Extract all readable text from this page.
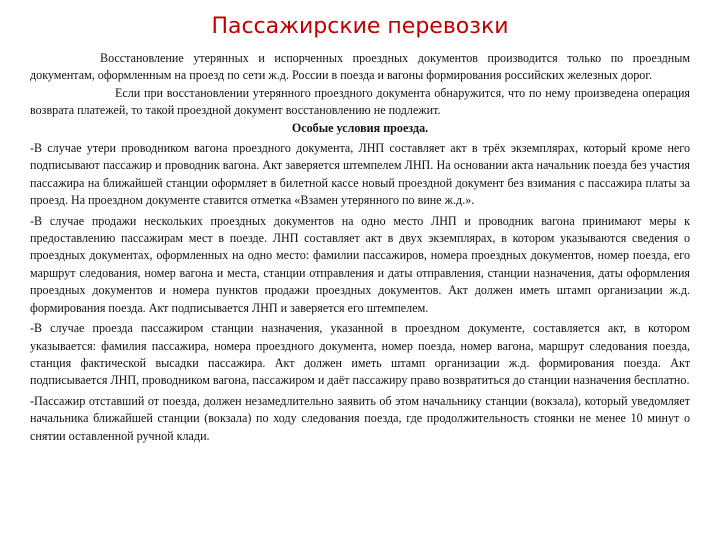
Пассажирские перевозки

Восстановление утерянных и испорченных проездных документов производится только по проездным документам, оформленным на проезд по сети ж.д. России в поезда и вагоны формирования российских железных дорог.

Если при восстановлении утерянного проездного документа обнаружится, что по нему произведена операция возврата платежей, то такой проездной документ восстановлению не подлежит.

Особые условия проезда.

-В случае утери проводником вагона проездного документа, ЛНП составляет акт в трёх экземплярах, который кроме него подписывают пассажир и проводник вагона. Акт заверяется штемпелем ЛНП. На основании акта начальник поезда без участия пассажира на ближайшей станции оформляет в билетной кассе новый проездной документ без взимания с пассажира платы за проезд. На проездном документе ставится отметка «Взамен утерянного по вине ж.д.».

-В случае продажи нескольких проездных документов на одно место ЛНП и проводник вагона принимают меры к предоставлению пассажирам мест в поезде. ЛНП составляет акт в двух экземплярах, в котором указываются сведения о проездных документах, оформленных на одно место: фамилии пассажиров, номера проездных документов, номер поезда, его маршрут следования, номер вагона и места, станции отправления и даты отправления, станции назначения, даты оформления проездных документов и номера пунктов продажи проездных документов. Акт должен иметь штамп организации ж.д. формирования поезда. Акт подписывается ЛНП и заверяется его штемпелем.

-В случае проезда пассажиром станции назначения, указанной в проездном документе, составляется акт, в котором указывается: фамилия пассажира, номера проездного документа, номер поезда, номер вагона, маршрут следования поезда, станция фактической высадки пассажира. Акт должен иметь штамп организации ж.д. формирования поезда. Акт подписывается ЛНП, проводником вагона, пассажиром и даёт пассажиру право возвратиться до станции назначения бесплатно.

-Пассажир отставший от поезда, должен незамедлительно заявить об этом начальнику станции (вокзала), который уведомляет начальника ближайшей станции (вокзала) по ходу следования поезда, где продолжительность стоянки не менее 10 минут о снятии оставленной ручной клади.
